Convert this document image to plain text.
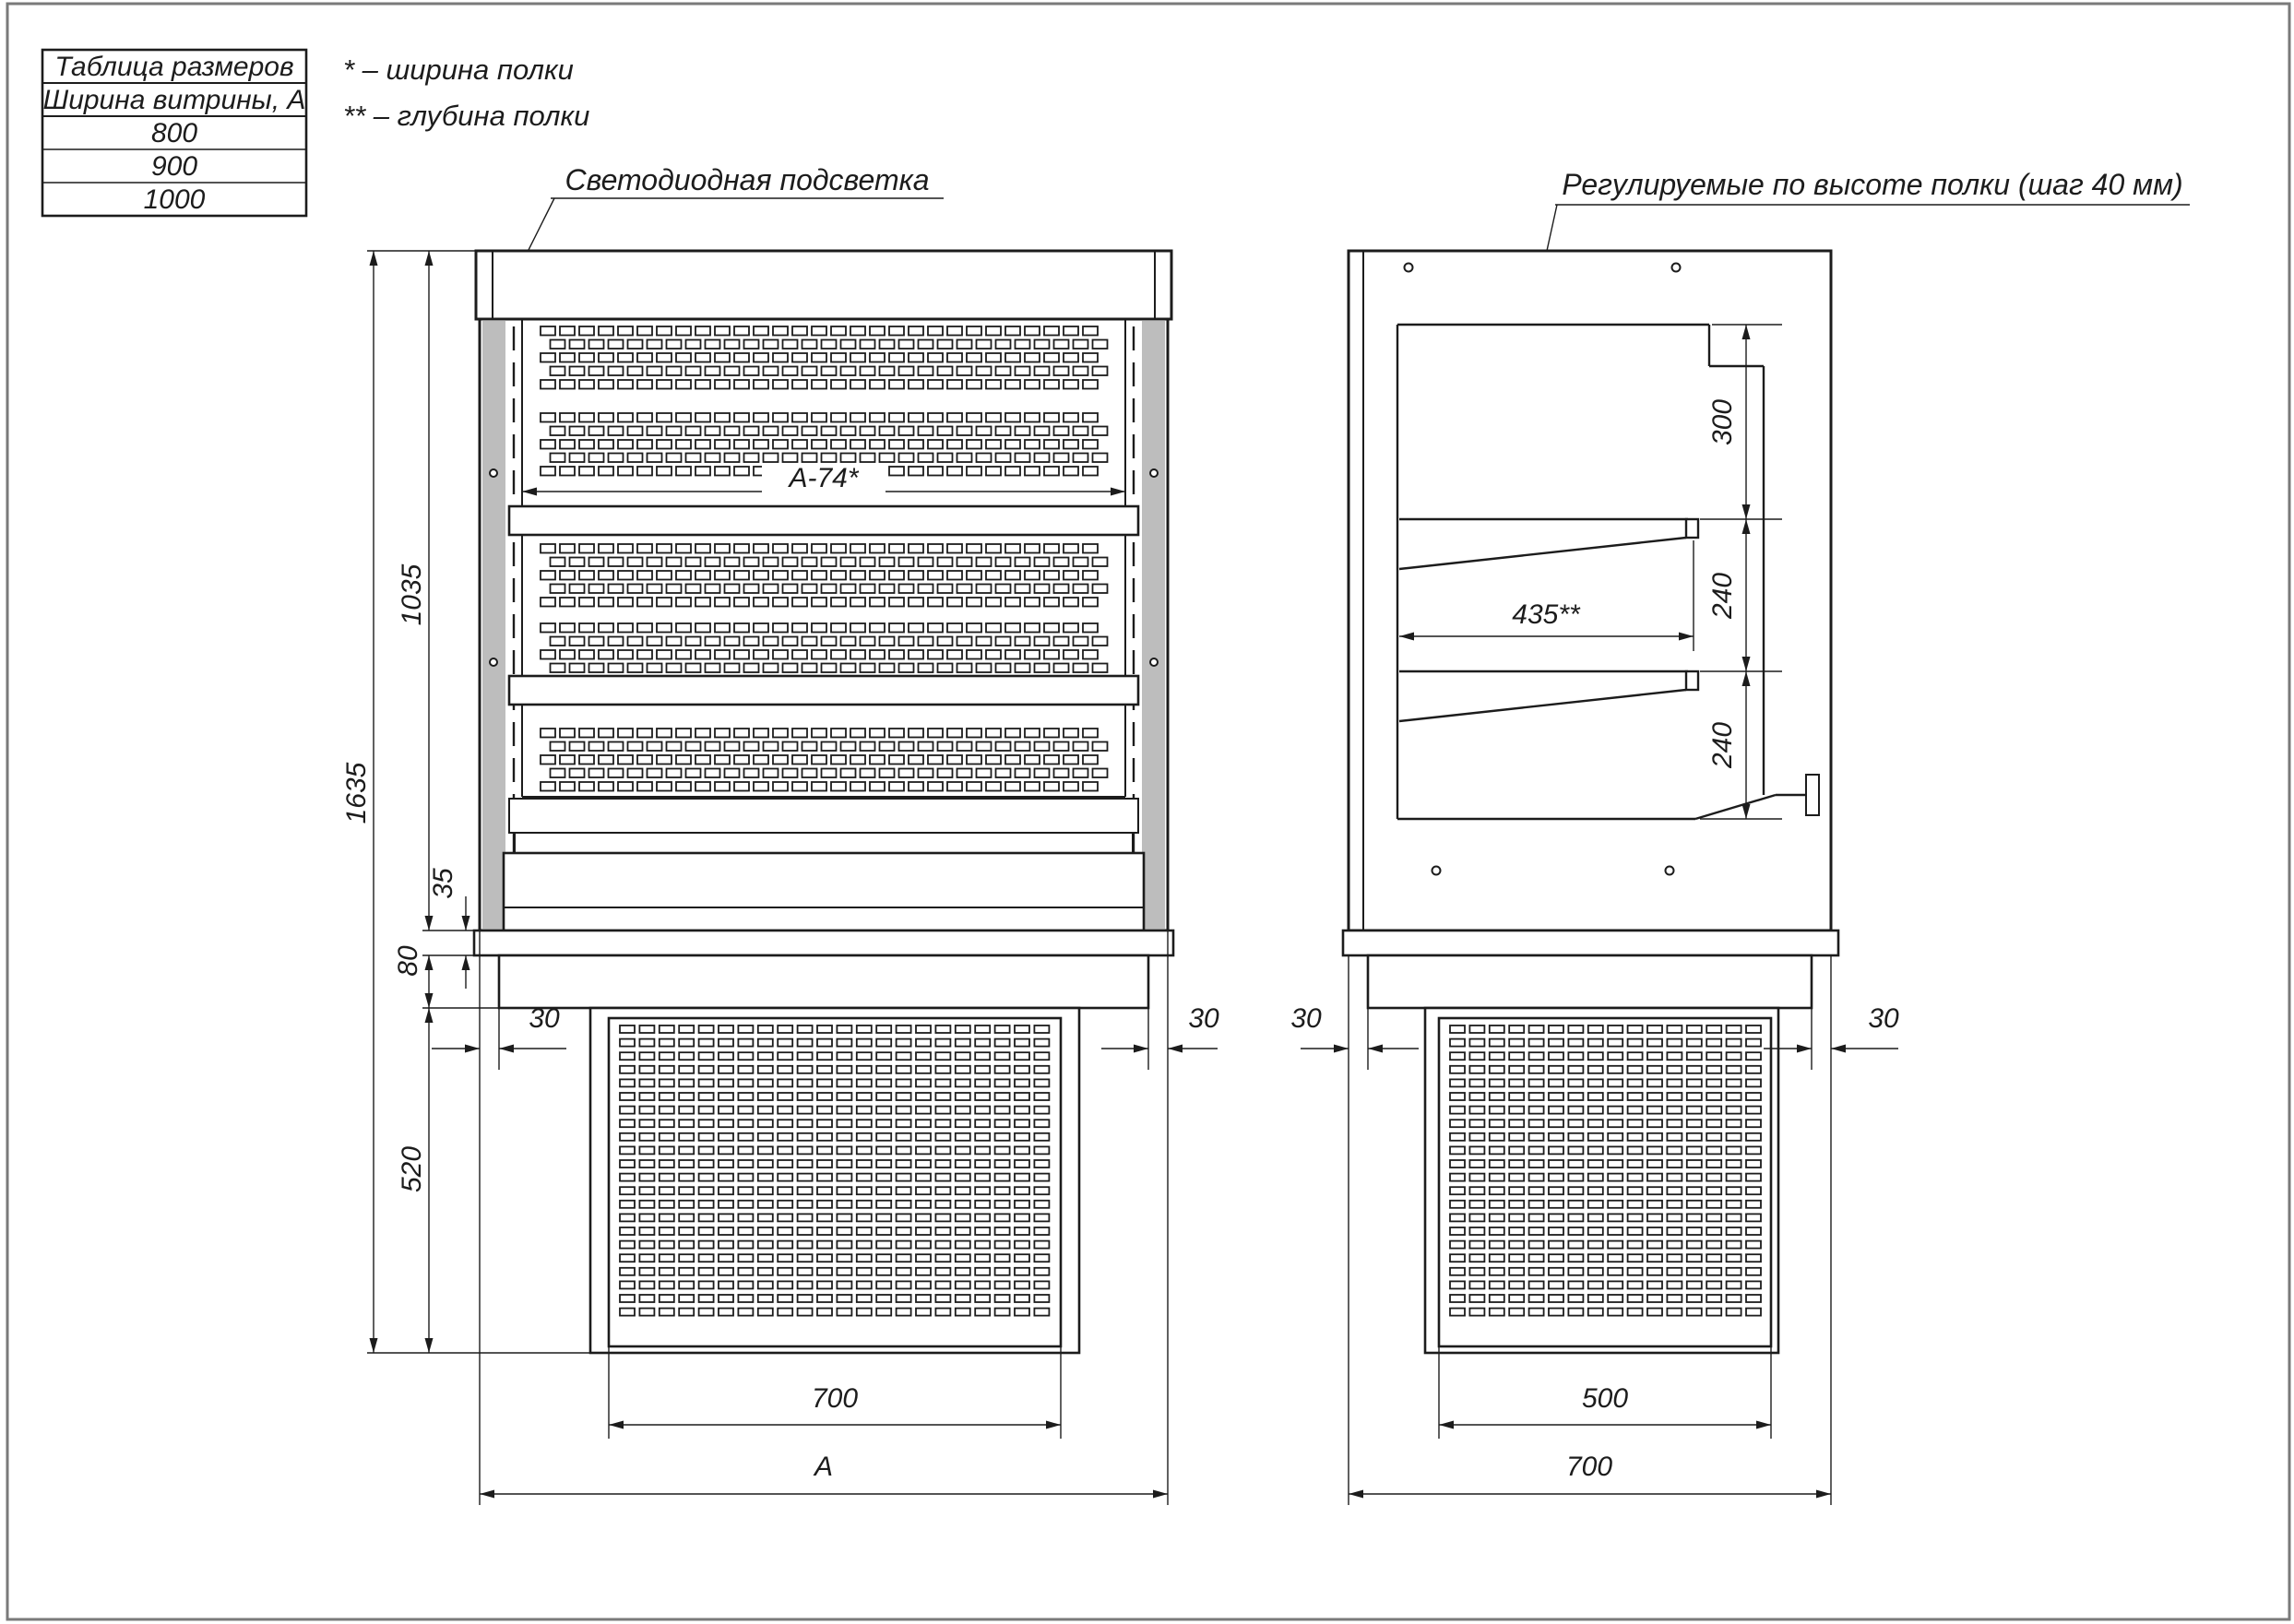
Таблица размеров
Ширина витрины, А
800
900
1000
* – ширина полки
** – глубина полки
Светодиодная подсветка	Регулируемые по высоте полки (шаг 40 мм)
A-74*
1635
1035
35
80
520
30	30
700
A
300
240
240
435**
30	30
500
700
